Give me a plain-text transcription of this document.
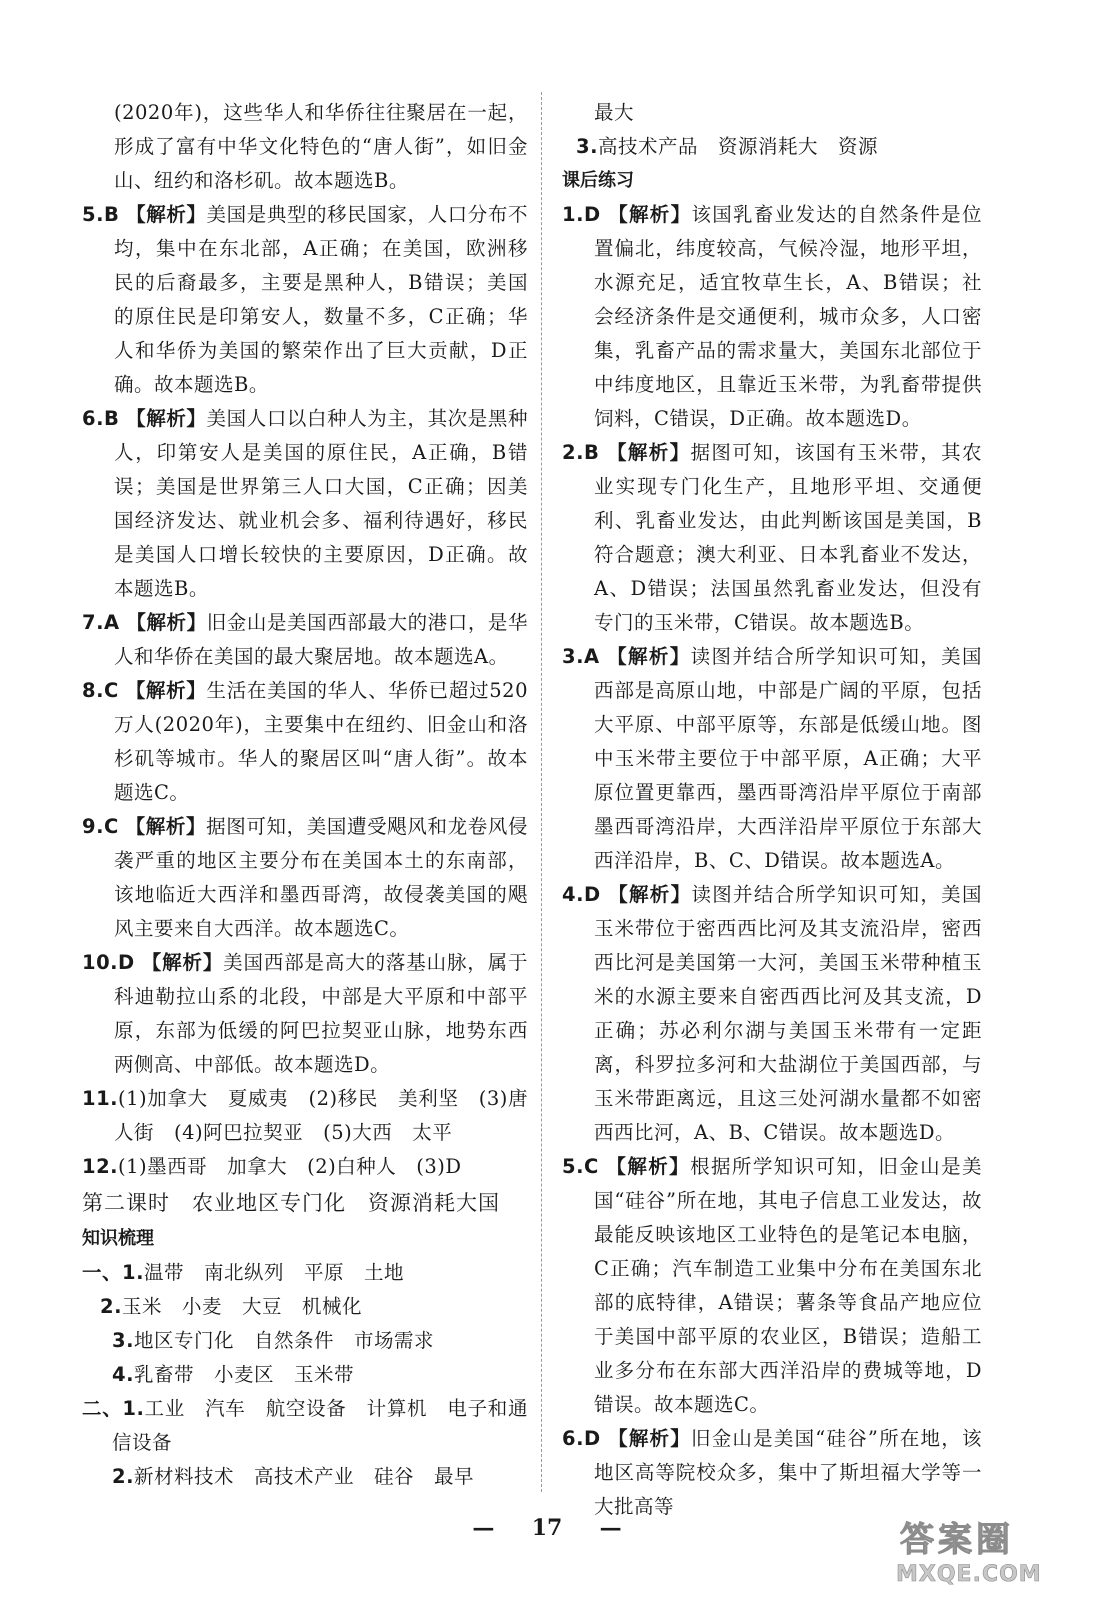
(2020年)，这些华人和华侨往往聚居在一起，形成了富有中华文化特色的“唐人街”，如旧金山、纽约和洛杉矶。故本题选B。

5.B 【解析】美国是典型的移民国家，人口分布不均，集中在东北部，A正确；在美国，欧洲移民的后裔最多，主要是黑种人，B错误；美国的原住民是印第安人，数量不多，C正确；华人和华侨为美国的繁荣作出了巨大贡献，D正确。故本题选B。
6.B 【解析】美国人口以白种人为主，其次是黑种人，印第安人是美国的原住民，A正确，B错误；美国是世界第三人口大国，C正确；因美国经济发达、就业机会多、福利待遇好，移民是美国人口增长较快的主要原因，D正确。故本题选B。
7.A 【解析】旧金山是美国西部最大的港口，是华人和华侨在美国的最大聚居地。故本题选A。
8.C 【解析】生活在美国的华人、华侨已超过520万人(2020年)，主要集中在纽约、旧金山和洛杉矶等城市。华人的聚居区叫“唐人街”。故本题选C。
9.C 【解析】据图可知，美国遭受飓风和龙卷风侵袭严重的地区主要分布在美国本土的东南部，该地临近大西洋和墨西哥湾，故侵袭美国的飓风主要来自大西洋。故本题选C。
10.D 【解析】美国西部是高大的落基山脉，属于科迪勒拉山系的北段，中部是大平原和中部平原，东部为低缓的阿巴拉契亚山脉，地势东西两侧高、中部低。故本题选D。
11.(1)加拿大　夏威夷　(2)移民　美利坚　(3)唐人街　(4)阿巴拉契亚　(5)大西　太平
12.(1)墨西哥　加拿大　(2)白种人　(3)D

第二课时　农业地区专门化　资源消耗大国

知识梳理

一、1.温带　南北纵列　平原　土地
2.玉米　小麦　大豆　机械化
3.地区专门化　自然条件　市场需求
4.乳畜带　小麦区　玉米带
二、1.工业　汽车　航空设备　计算机　电子和通信设备
2.新材料技术　高技术产业　硅谷　最早

最大

3.高技术产品　资源消耗大　资源

课后练习

1.D 【解析】该国乳畜业发达的自然条件是位置偏北，纬度较高，气候冷湿，地形平坦，水源充足，适宜牧草生长，A、B错误；社会经济条件是交通便利，城市众多，人口密集，乳畜产品的需求量大，美国东北部位于中纬度地区，且靠近玉米带，为乳畜带提供饲料，C错误，D正确。故本题选D。
2.B 【解析】据图可知，该国有玉米带，其农业实现专门化生产，且地形平坦、交通便利、乳畜业发达，由此判断该国是美国，B符合题意；澳大利亚、日本乳畜业不发达，A、D错误；法国虽然乳畜业发达，但没有专门的玉米带，C错误。故本题选B。
3.A 【解析】读图并结合所学知识可知，美国西部是高原山地，中部是广阔的平原，包括大平原、中部平原等，东部是低缓山地。图中玉米带主要位于中部平原，A正确；大平原位置更靠西，墨西哥湾沿岸平原位于南部墨西哥湾沿岸，大西洋沿岸平原位于东部大西洋沿岸，B、C、D错误。故本题选A。
4.D 【解析】读图并结合所学知识可知，美国玉米带位于密西西比河及其支流沿岸，密西西比河是美国第一大河，美国玉米带种植玉米的水源主要来自密西西比河及其支流，D正确；苏必利尔湖与美国玉米带有一定距离，科罗拉多河和大盐湖位于美国西部，与玉米带距离远，且这三处河湖水量都不如密西西比河，A、B、C错误。故本题选D。
5.C 【解析】根据所学知识可知，旧金山是美国“硅谷”所在地，其电子信息工业发达，故最能反映该地区工业特色的是笔记本电脑，C正确；汽车制造工业集中分布在美国东北部的底特律，A错误；薯条等食品产地应位于美国中部平原的农业区，B错误；造船工业多分布在东部大西洋沿岸的费城等地，D错误。故本题选C。
6.D 【解析】旧金山是美国“硅谷”所在地，该地区高等院校众多，集中了斯坦福大学等一大批高等
— 17 —	答案圈
MXQE.COM
